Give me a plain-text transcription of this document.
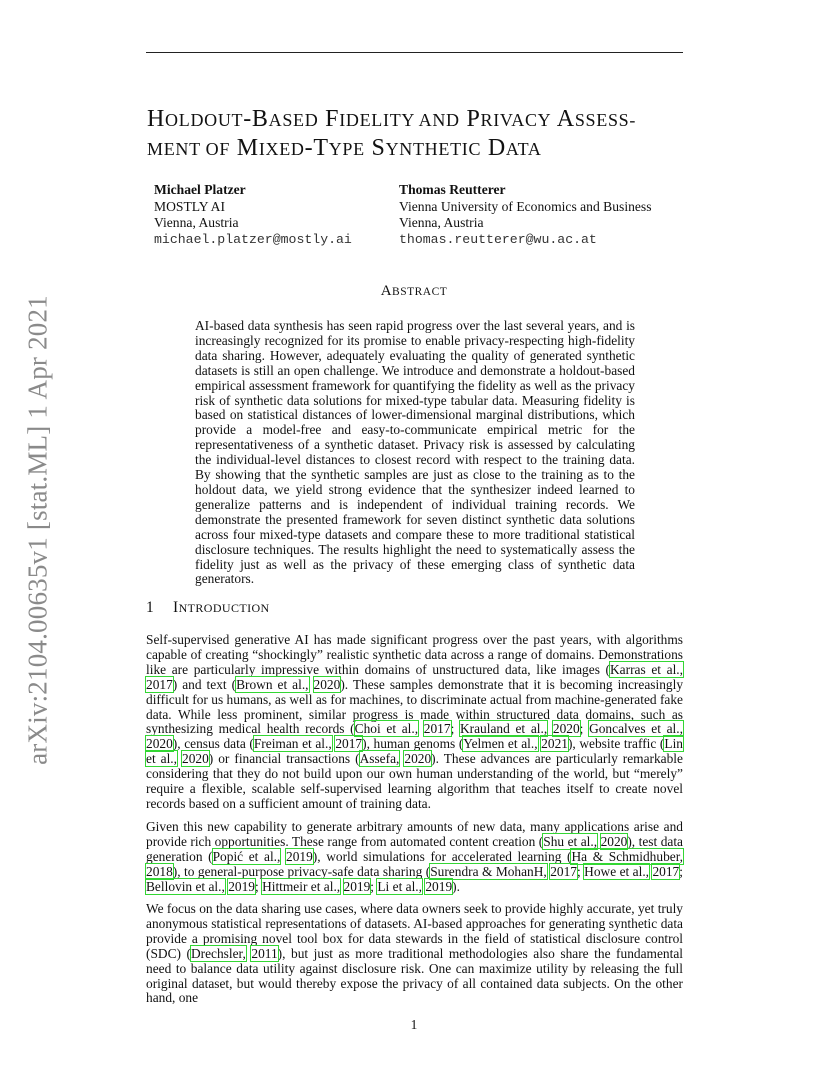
arXiv:2104.00635v1 [stat.ML] 1 Apr 2021
HOLDOUT-BASED FIDELITY AND PRIVACY ASSESS-
MENT OF MIXED-TYPE SYNTHETIC DATA
Michael Platzer
MOSTLY AI
Vienna, Austria
michael.platzer@mostly.ai
Thomas Reutterer
Vienna University of Economics and Business
Vienna, Austria
thomas.reutterer@wu.ac.at
ABSTRACT

AI-based data synthesis has seen rapid progress over the last several years, and is increasingly recognized for its promise to enable privacy-respecting high-fidelity data sharing. However, adequately evaluating the quality of generated synthetic datasets is still an open challenge. We introduce and demonstrate a holdout-based empirical assessment framework for quantifying the fidelity as well as the privacy risk of synthetic data solutions for mixed-type tabular data. Measuring fidelity is based on statistical distances of lower-dimensional marginal distributions, which provide a model-free and easy-to-communicate empirical metric for the representativeness of a synthetic dataset. Privacy risk is assessed by calculating the individual-level distances to closest record with respect to the training data. By showing that the synthetic samples are just as close to the training as to the holdout data, we yield strong evidence that the synthesizer indeed learned to generalize patterns and is independent of individual training records. We demonstrate the presented framework for seven distinct synthetic data solutions across four mixed-type datasets and compare these to more traditional statistical disclosure techniques. The results highlight the need to systematically assess the fidelity just as well as the privacy of these emerging class of synthetic data generators.

1 INTRODUCTION

Self-supervised generative AI has made significant progress over the past years, with algorithms capable of creating “shockingly” realistic synthetic data across a range of domains. Demonstrations like are particularly impressive within domains of unstructured data, like images (Karras et al., 2017) and text (Brown et al., 2020). These samples demonstrate that it is becoming increasingly difficult for us humans, as well as for machines, to discriminate actual from machine-generated fake data. While less prominent, similar progress is made within structured data domains, such as synthesizing medical health records (Choi et al., 2017; Krauland et al., 2020; Goncalves et al., 2020), census data (Freiman et al., 2017), human genoms (Yelmen et al., 2021), website traffic (Lin et al., 2020) or financial transactions (Assefa, 2020). These advances are particularly remarkable considering that they do not build upon our own human understanding of the world, but “merely” require a flexible, scalable self-supervised learning algorithm that teaches itself to create novel records based on a sufficient amount of training data.

Given this new capability to generate arbitrary amounts of new data, many applications arise and provide rich opportunities. These range from automated content creation (Shu et al., 2020), test data generation (Popić et al., 2019), world simulations for accelerated learning (Ha & Schmidhuber, 2018), to general-purpose privacy-safe data sharing (Surendra & MohanH, 2017; Howe et al., 2017; Bellovin et al., 2019; Hittmeir et al., 2019; Li et al., 2019).

We focus on the data sharing use cases, where data owners seek to provide highly accurate, yet truly anonymous statistical representations of datasets. AI-based approaches for generating synthetic data provide a promising novel tool box for data stewards in the field of statistical disclosure control (SDC) (Drechsler, 2011), but just as more traditional methodologies also share the fundamental need to balance data utility against disclosure risk. One can maximize utility by releasing the full original dataset, but would thereby expose the privacy of all contained data subjects. On the other hand, one

1
